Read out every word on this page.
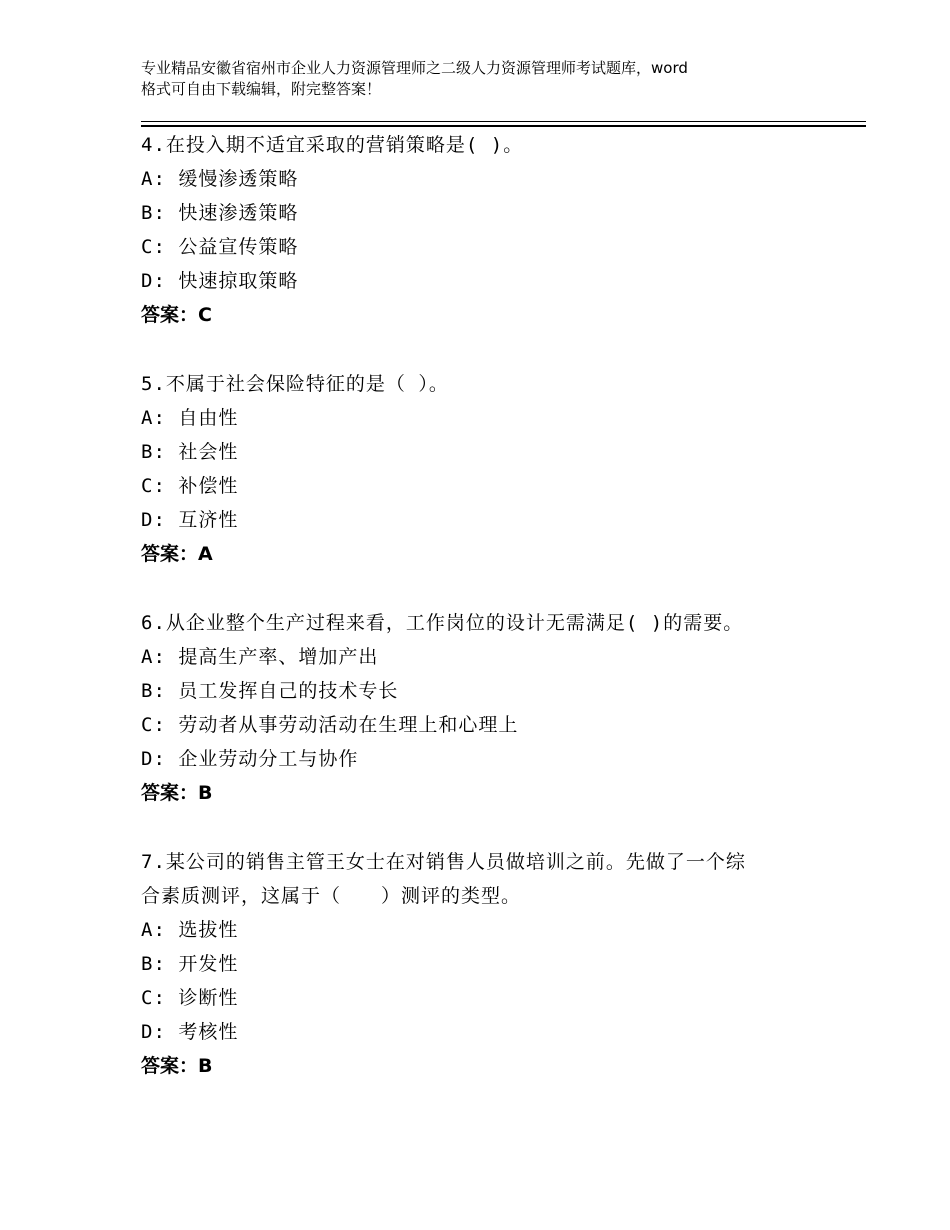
专业精品安徽省宿州市企业人力资源管理师之二级人力资源管理师考试题库，word
格式可自由下载编辑，附完整答案！
4.在投入期不适宜采取的营销策略是( )。
A: 缓慢渗透策略
B: 快速渗透策略
C: 公益宣传策略
D: 快速掠取策略
答案：C
5.不属于社会保险特征的是（ ）。
A: 自由性
B: 社会性
C: 补偿性
D: 互济性
答案：A
6.从企业整个生产过程来看，工作岗位的设计无需满足( )的需要。
A: 提高生产率、增加产出
B: 员工发挥自己的技术专长
C: 劳动者从事劳动活动在生理上和心理上
D: 企业劳动分工与协作
答案：B
7.某公司的销售主管王女士在对销售人员做培训之前。先做了一个综
合素质测评，这属于（　　）测评的类型。
A: 选拔性
B: 开发性
C: 诊断性
D: 考核性
答案：B
